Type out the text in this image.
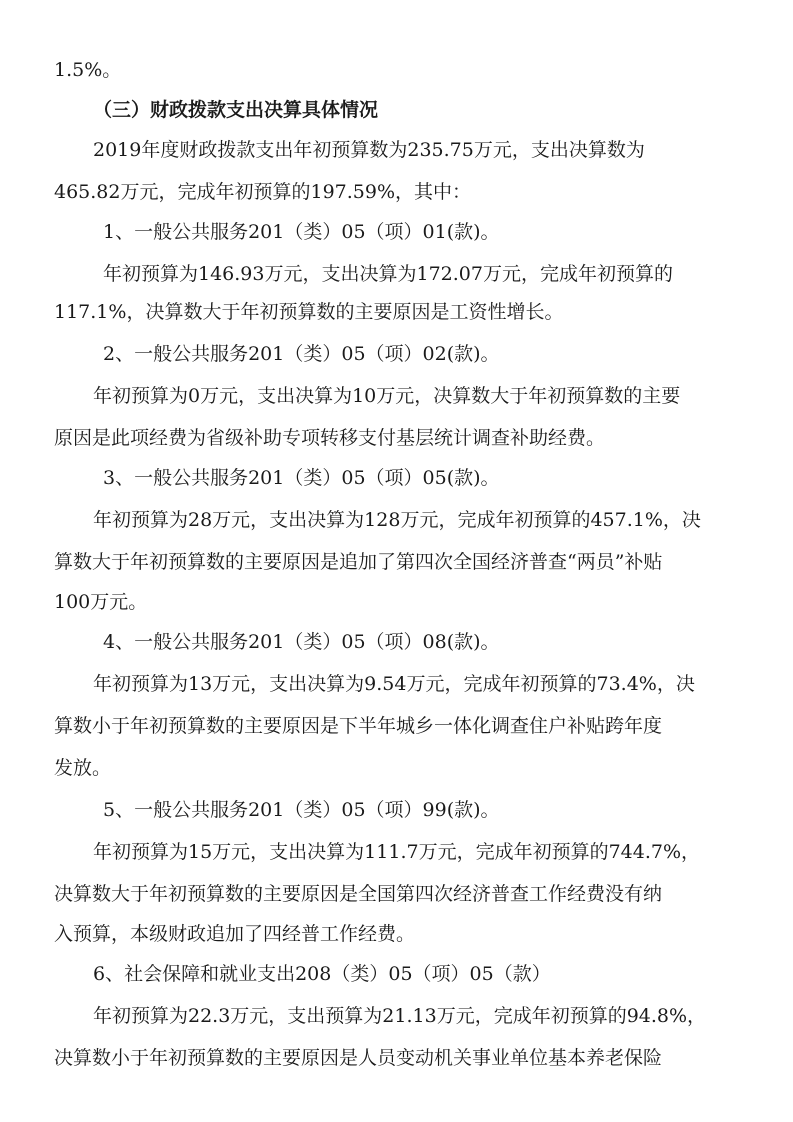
1.5%。
（三）财政拨款支出决算具体情况
2019年度财政拨款支出年初预算数为235.75万元，支出决算数为
465.82万元，完成年初预算的197.59%，其中：
1、一般公共服务201（类）05（项）01(款)。
年初预算为146.93万元，支出决算为172.07万元，完成年初预算的
117.1%，决算数大于年初预算数的主要原因是工资性增长。
2、一般公共服务201（类）05（项）02(款)。
年初预算为0万元，支出决算为10万元，决算数大于年初预算数的主要
原因是此项经费为省级补助专项转移支付基层统计调查补助经费。
3、一般公共服务201（类）05（项）05(款)。
年初预算为28万元，支出决算为128万元，完成年初预算的457.1%，决
算数大于年初预算数的主要原因是追加了第四次全国经济普查“两员”补贴
100万元。
4、一般公共服务201（类）05（项）08(款)。
年初预算为13万元，支出决算为9.54万元，完成年初预算的73.4%，决
算数小于年初预算数的主要原因是下半年城乡一体化调查住户补贴跨年度
发放。
5、一般公共服务201（类）05（项）99(款)。
年初预算为15万元，支出决算为111.7万元，完成年初预算的744.7%，
决算数大于年初预算数的主要原因是全国第四次经济普查工作经费没有纳
入预算，本级财政追加了四经普工作经费。
6、社会保障和就业支出208（类）05（项）05（款）
年初预算为22.3万元，支出预算为21.13万元，完成年初预算的94.8%，
决算数小于年初预算数的主要原因是人员变动机关事业单位基本养老保险
